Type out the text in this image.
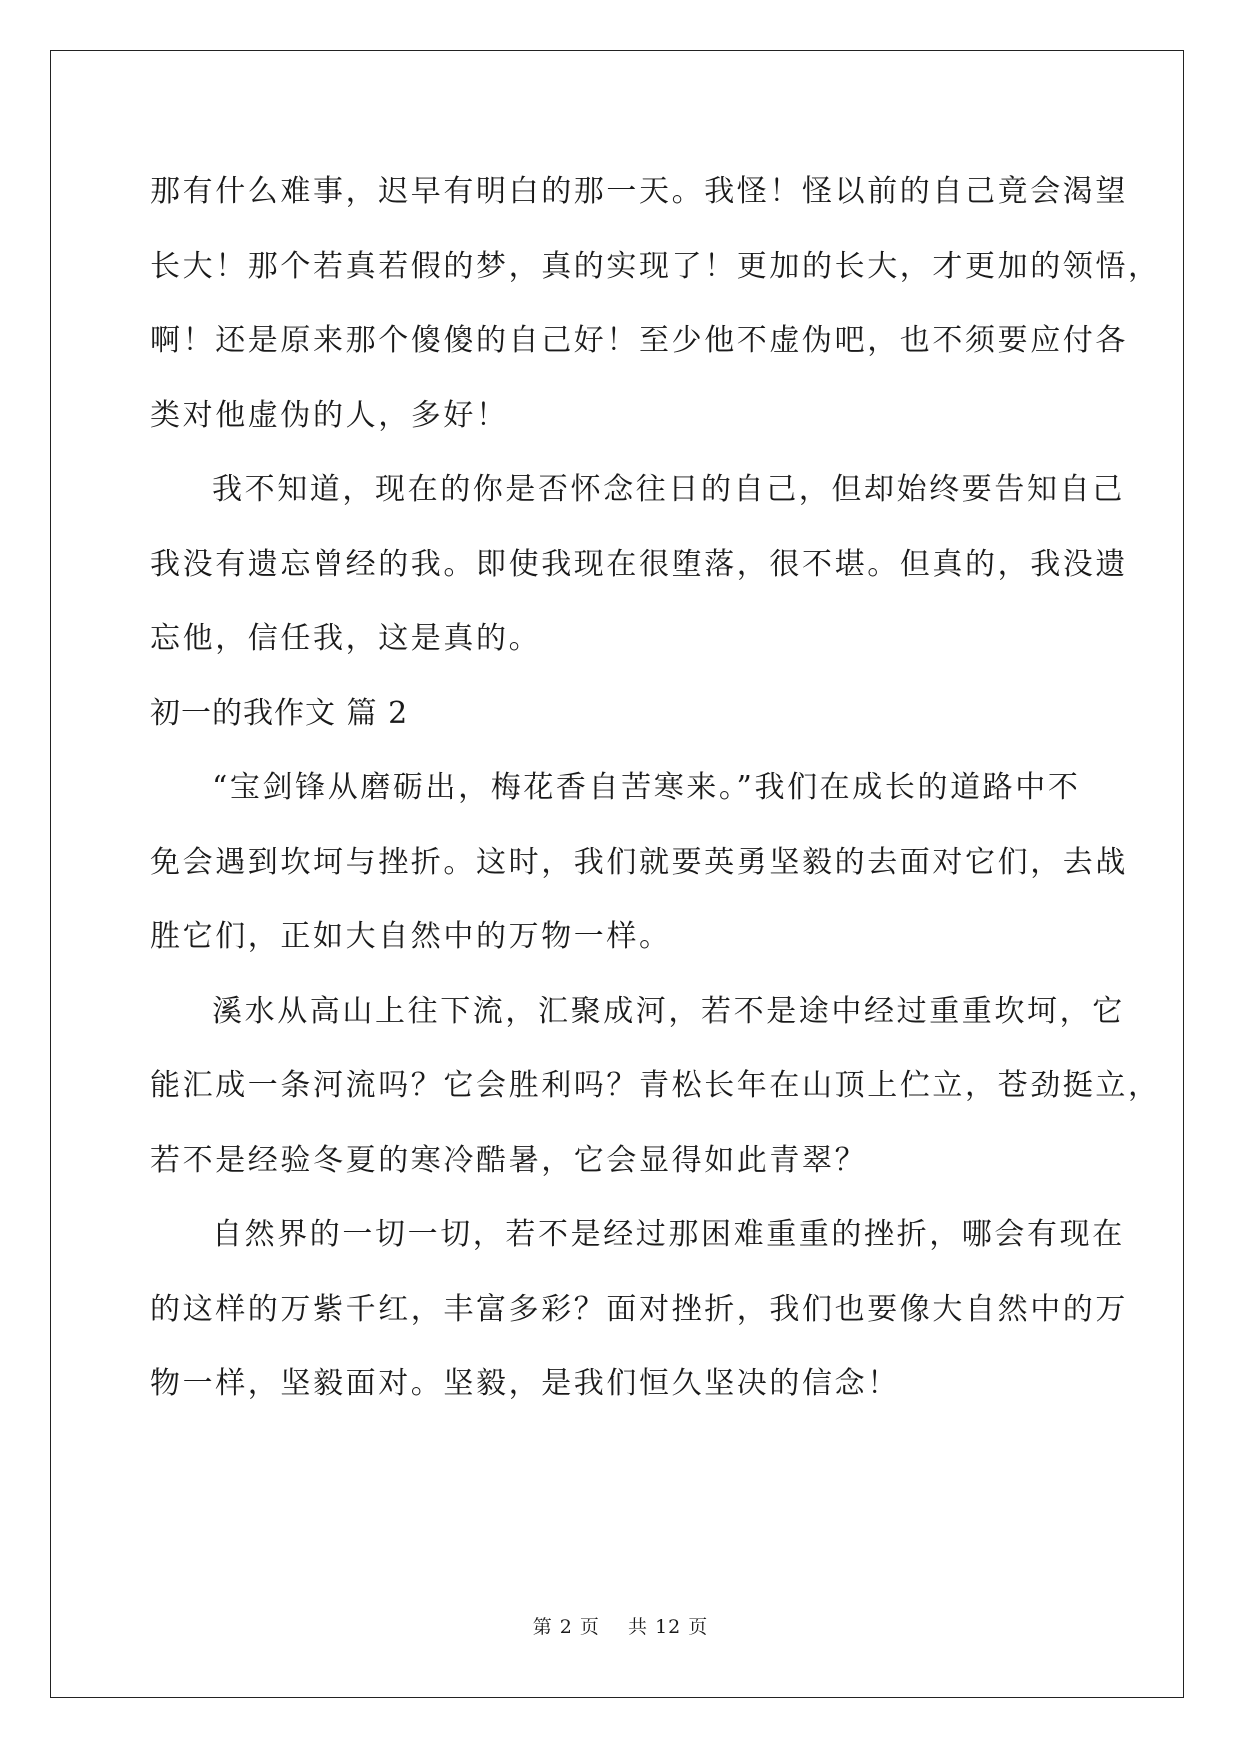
那有什么难事，迟早有明白的那一天。我怪！怪以前的自己竟会渴望
长大！那个若真若假的梦，真的实现了！更加的长大，才更加的领悟，
啊！还是原来那个傻傻的自己好！至少他不虚伪吧，也不须要应付各
类对他虚伪的人，多好！
我不知道，现在的你是否怀念往日的自己，但却始终要告知自己
我没有遗忘曾经的我。即使我现在很堕落，很不堪。但真的，我没遗
忘他，信任我，这是真的。
初一的我作文 篇 2
“宝剑锋从磨砺出，梅花香自苦寒来。”我们在成长的道路中不
免会遇到坎坷与挫折。这时，我们就要英勇坚毅的去面对它们，去战
胜它们，正如大自然中的万物一样。
溪水从高山上往下流，汇聚成河，若不是途中经过重重坎坷，它
能汇成一条河流吗？它会胜利吗？青松长年在山顶上伫立，苍劲挺立，
若不是经验冬夏的寒冷酷暑，它会显得如此青翠？
自然界的一切一切，若不是经过那困难重重的挫折，哪会有现在
的这样的万紫千红，丰富多彩？面对挫折，我们也要像大自然中的万
物一样，坚毅面对。坚毅，是我们恒久坚决的信念！
第 2 页 共 12 页
